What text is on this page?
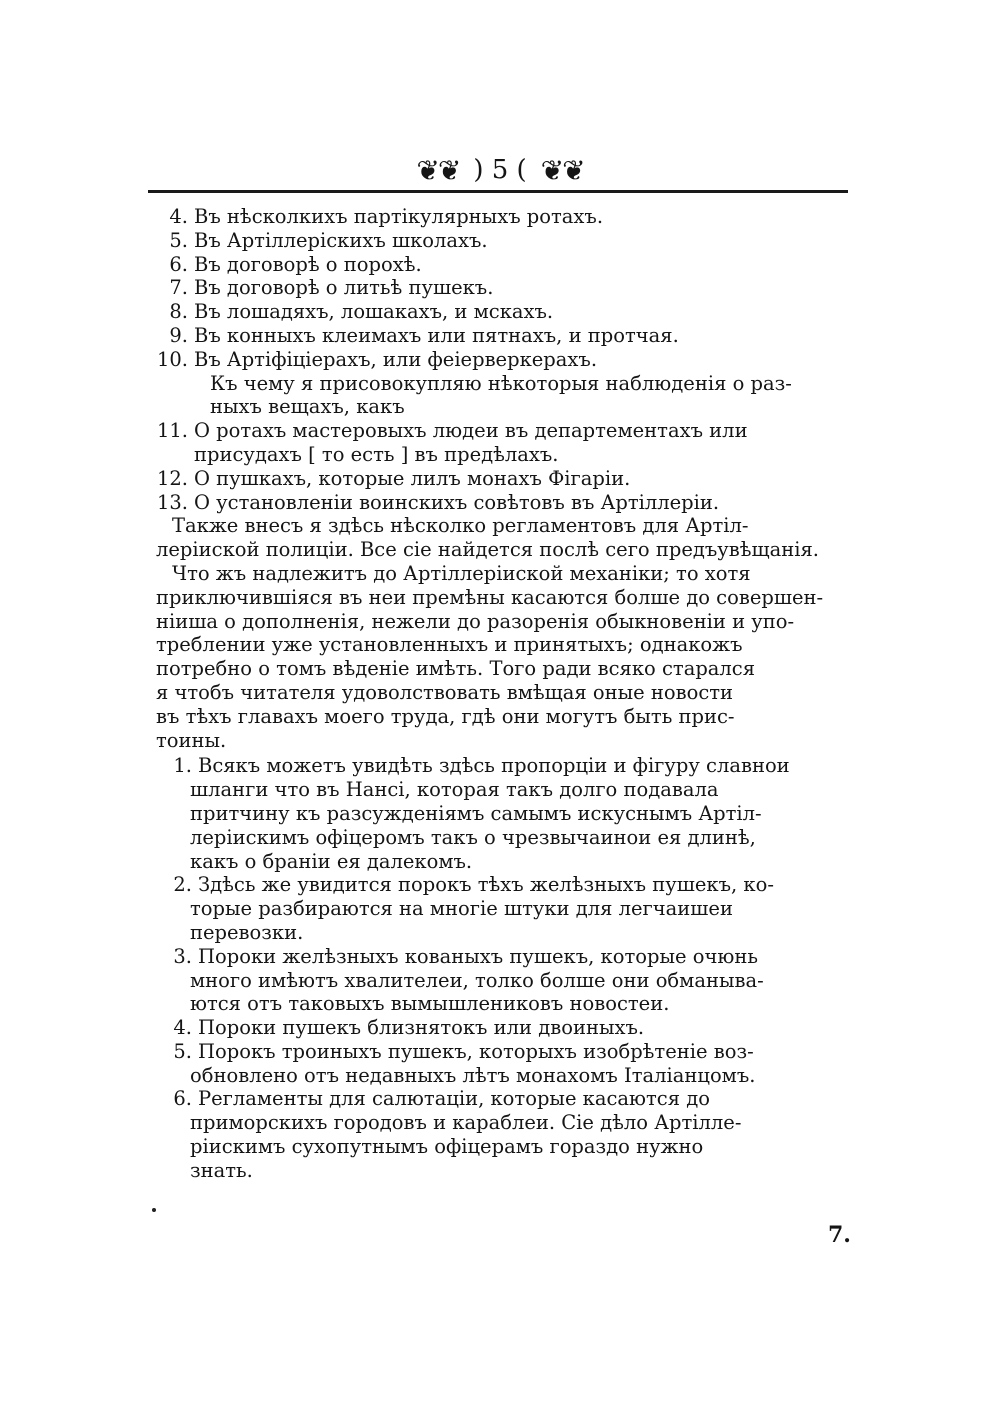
❦❦ ) 5 ( ❦❦
4. Въ нѣсколкихъ партікулярныхъ ротахъ.
5. Въ Артіллеріскихъ школахъ.
6. Въ договорѣ о порохѣ.
7. Въ договорѣ о литьѣ пушекъ.
8. Въ лошадяхъ, лошакахъ, и мскахъ.
9. Въ конныхъ клеимахъ или пятнахъ, и протчая.
10. Въ Артіфіціерахъ, или феіерверкерахъ.
Къ чему я присовокупляю нѣкоторыя наблюденія о раз-
ныхъ вещахъ, какъ
11. О ротахъ мастеровыхъ людеи въ департементахъ или
присудахъ [ то есть ] въ предѣлахъ.
12. О пушкахъ, которые лилъ монахъ Фігаріи.
13. О установленіи воинскихъ совѣтовъ въ Артіллеріи.
Также внесъ я здѣсь нѣсколко регламентовъ для Артіл-
леріиской полиціи. Все сіе найдется послѣ сего предъувѣщанія.
Что жъ надлежитъ до Артіллеріиской механіки; то хотя
приключившіяся въ неи премѣны касаются болше до совершен-
ніиша о дополненія, нежели до разоренія обыкновеніи и упо-
треблении уже установленныхъ и принятыхъ; однакожъ
потребно о томъ вѣденіе имѣть. Того ради всяко старался
я чтобъ читателя удоволствовать вмѣщая оные новости
въ тѣхъ главахъ моего труда, гдѣ они могутъ быть прис-
тоины.
1. Всякъ можетъ увидѣть здѣсь пропорціи и фігуру славнои
шланги что въ Нансі, которая такъ долго подавала
притчину къ разсужденіямъ самымъ искуснымъ Артіл-
леріискимъ офіцеромъ такъ о чрезвычаинои ея длинѣ,
какъ о браніи ея далекомъ.
2. Здѣсь же увидится порокъ тѣхъ желѣзныхъ пушекъ, ко-
торые разбираются на многіе штуки для легчаишеи
перевозки.
3. Пороки желѣзныхъ кованыхъ пушекъ, которые очюнь
много имѣютъ хвалителеи, толко болше они обманыва-
ются отъ таковыхъ вымышлениковъ новостеи.
4. Пороки пушекъ близнятокъ или двоиныхъ.
5. Порокъ троиныхъ пушекъ, которыхъ изобрѣтеніе воз-
обновлено отъ недавныхъ лѣтъ монахомъ Італіанцомъ.
6. Регламенты для салютаціи, которые касаются до
приморскихъ городовъ и караблеи. Сіе дѣло Артілле-
ріискимъ сухопутнымъ офіцерамъ гораздо нужно
знать.
7.
